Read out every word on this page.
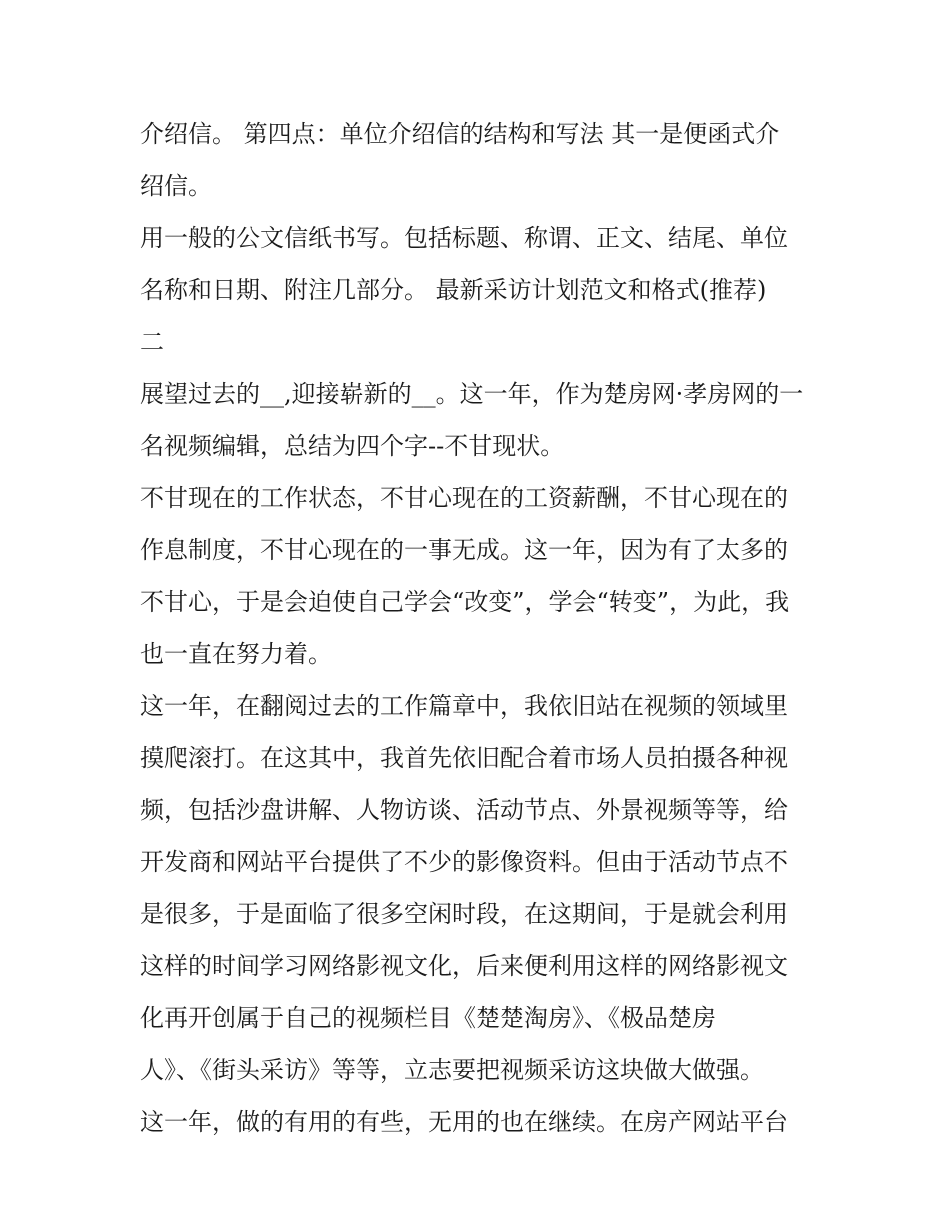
介绍信。 第四点：单位介绍信的结构和写法 其一是便函式介
绍信。
用一般的公文信纸书写。包括标题、称谓、正文、结尾、单位
名称和日期、附注几部分。 最新采访计划范文和格式(推荐)
二
展望过去的__,迎接崭新的__。这一年，作为楚房网·孝房网的一
名视频编辑，总结为四个字--不甘现状。
不甘现在的工作状态，不甘心现在的工资薪酬，不甘心现在的
作息制度，不甘心现在的一事无成。这一年，因为有了太多的
不甘心，于是会迫使自己学会“改变”，学会“转变”，为此，我
也一直在努力着。
这一年，在翻阅过去的工作篇章中，我依旧站在视频的领域里
摸爬滚打。在这其中，我首先依旧配合着市场人员拍摄各种视
频，包括沙盘讲解、人物访谈、活动节点、外景视频等等，给
开发商和网站平台提供了不少的影像资料。但由于活动节点不
是很多，于是面临了很多空闲时段，在这期间，于是就会利用
这样的时间学习网络影视文化，后来便利用这样的网络影视文
化再开创属于自己的视频栏目《楚楚淘房》、《极品楚房
人》、《街头采访》等等，立志要把视频采访这块做大做强。
这一年，做的有用的有些，无用的也在继续。在房产网站平台
